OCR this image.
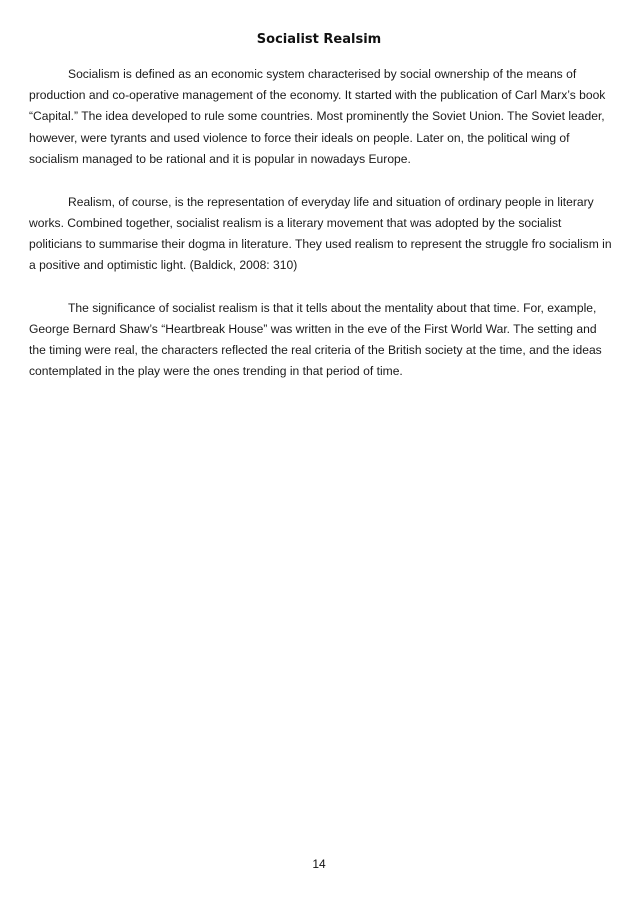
Socialist Realsim

Socialism is defined as an economic system characterised by social ownership of the means of production and co-operative management of the economy. It started with the publication of Carl Marx’s book “Capital.” The idea developed to rule some countries. Most prominently the Soviet Union. The Soviet leader, however, were tyrants and used violence to force their ideals on people. Later on, the political wing of socialism managed to be rational and it is popular in nowadays Europe.

Realism, of course, is the representation of everyday life and situation of ordinary people in literary works. Combined together, socialist realism is a literary movement that was adopted by the socialist politicians to summarise their dogma in literature. They used realism to represent the struggle fro socialism in a positive and optimistic light. (Baldick, 2008: 310)

The significance of socialist realism is that it tells about the mentality about that time. For, example, George Bernard Shaw’s “Heartbreak House” was written in the eve of the First World War. The setting and the timing were real, the characters reflected the real criteria of the British society at the time, and the ideas contemplated in the play were the ones trending in that period of time.

14
